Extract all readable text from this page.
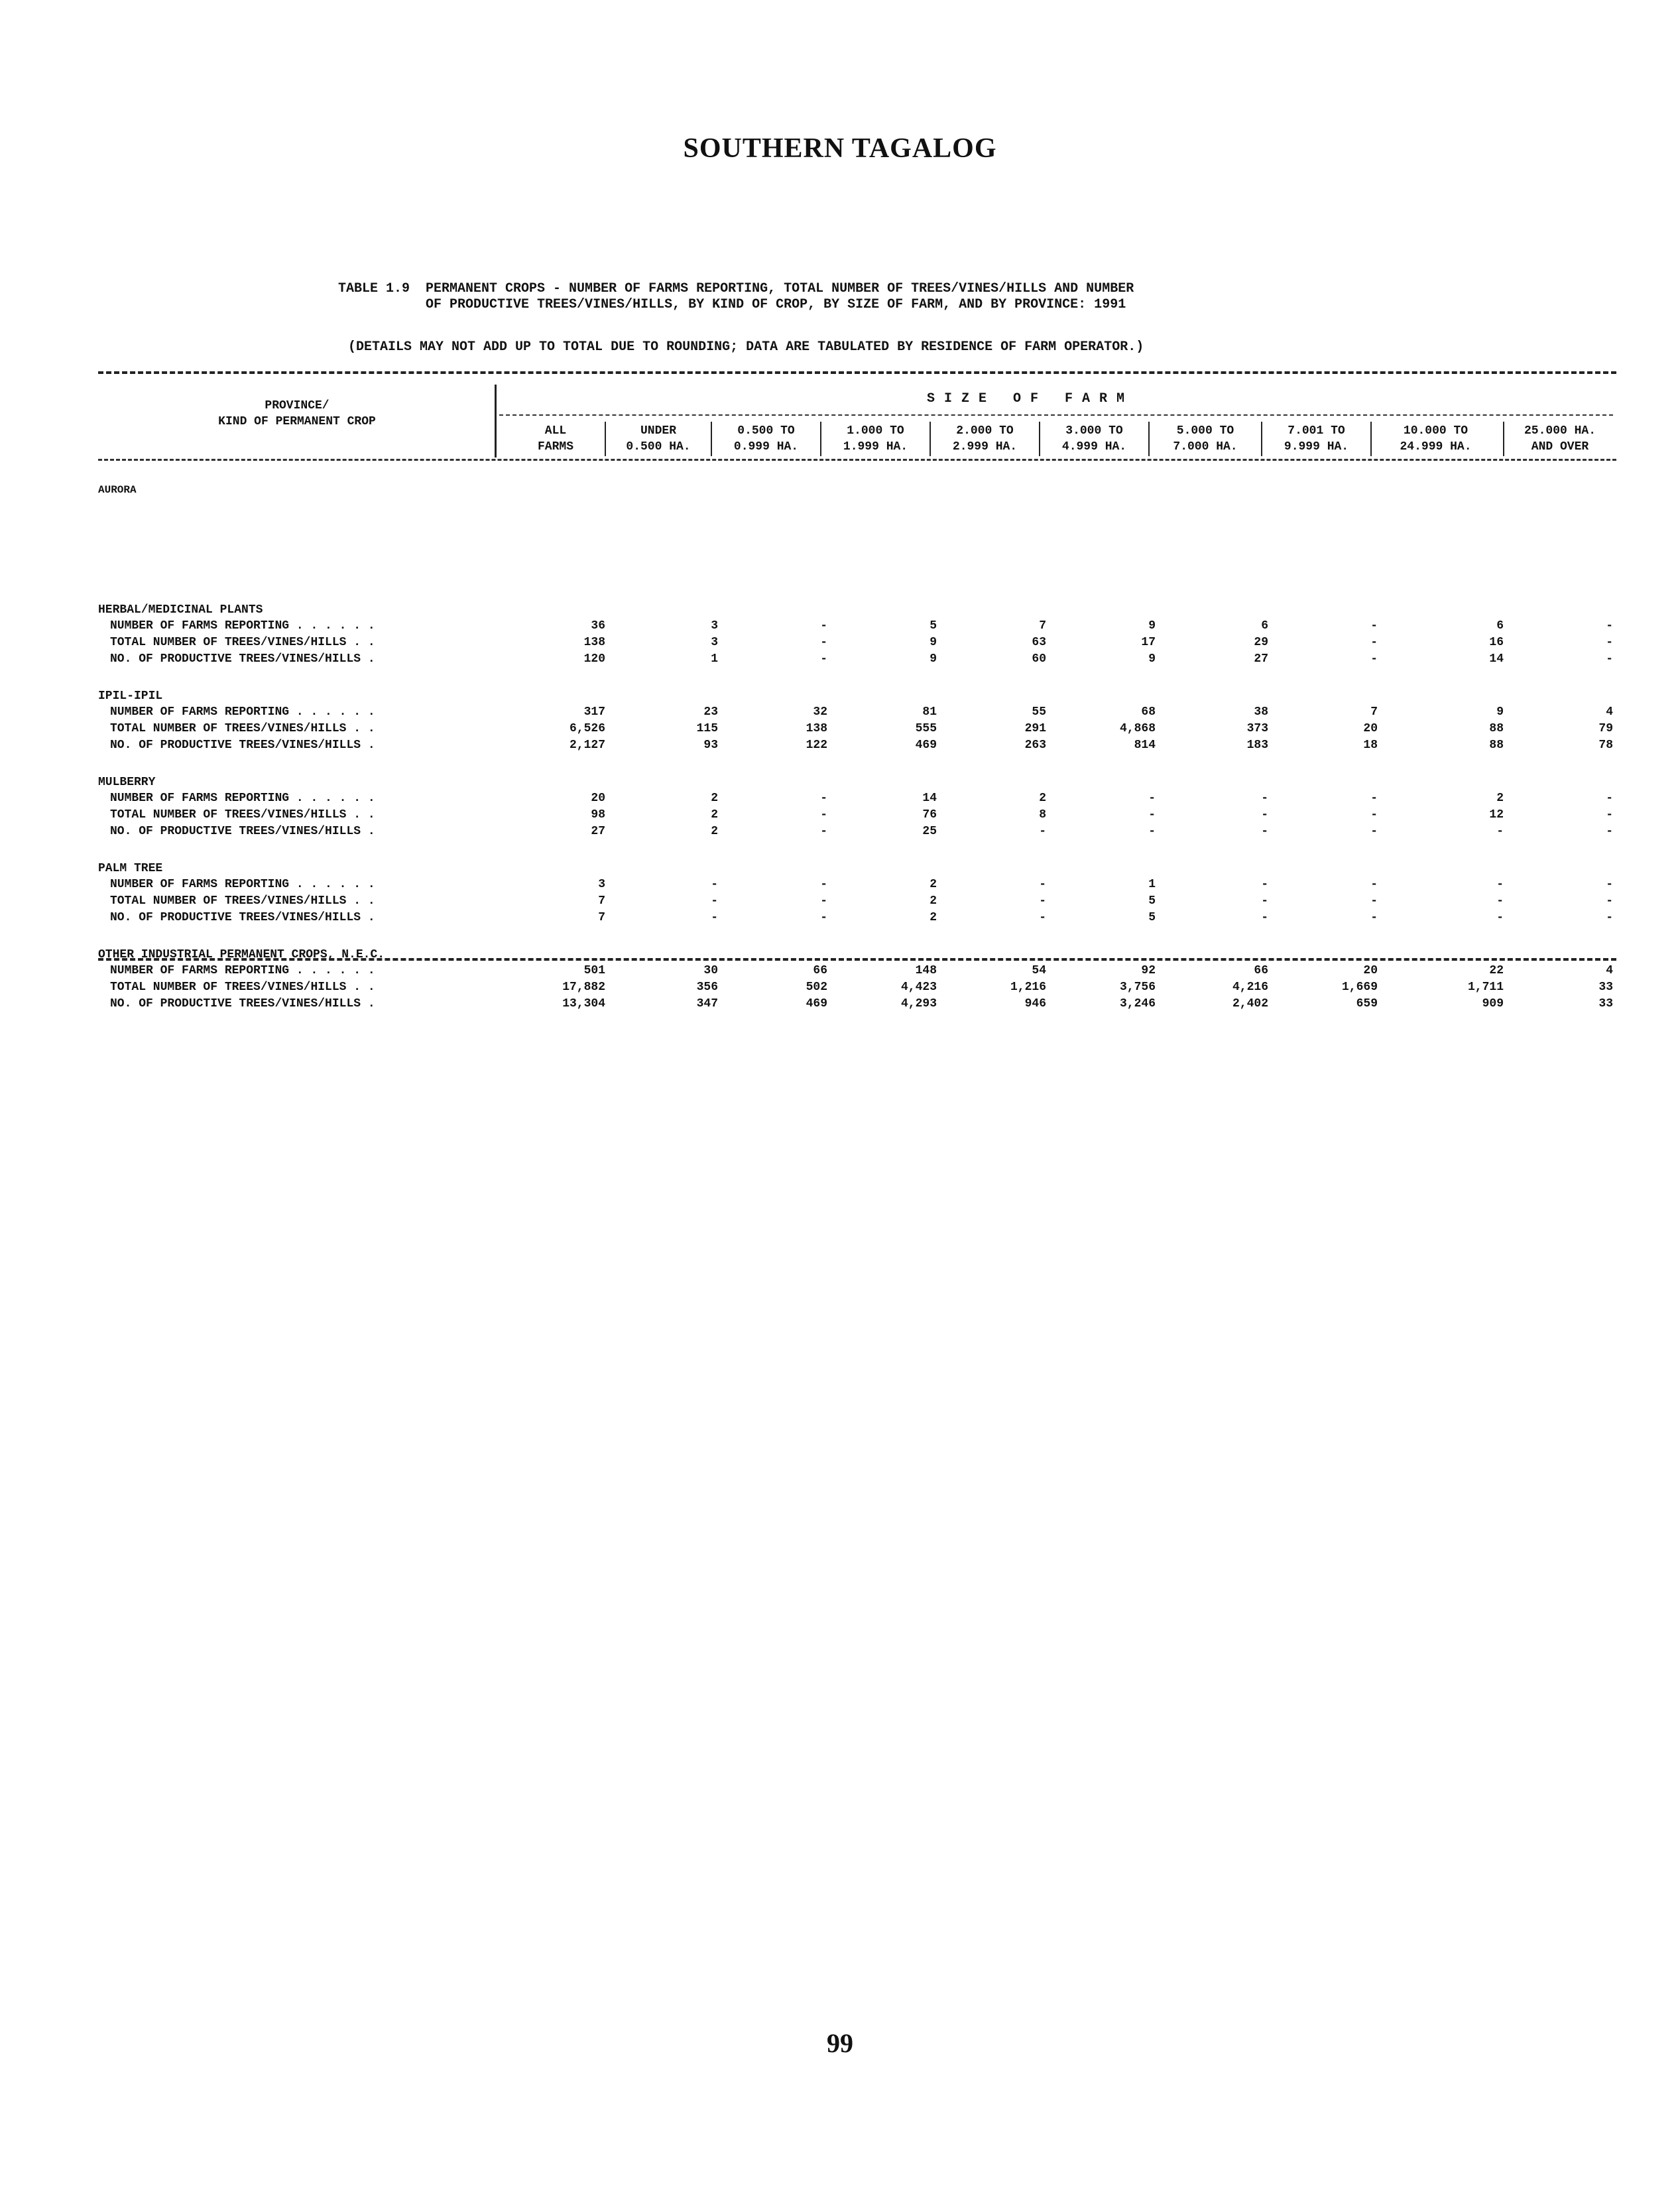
SOUTHERN TAGALOG
TABLE 1.9  PERMANENT CROPS - NUMBER OF FARMS REPORTING, TOTAL NUMBER OF TREES/VINES/HILLS AND NUMBER
OF PRODUCTIVE TREES/VINES/HILLS, BY KIND OF CROP, BY SIZE OF FARM, AND BY PROVINCE: 1991
(DETAILS MAY NOT ADD UP TO TOTAL DUE TO ROUNDING; DATA ARE TABULATED BY RESIDENCE OF FARM OPERATOR.)
PROVINCE/
KIND OF PERMANENT CROP
SIZE OF FARM
ALL
FARMS
UNDER
0.500 HA.
0.500 TO
0.999 HA.
1.000 TO
1.999 HA.
2.000 TO
2.999 HA.
3.000 TO
4.999 HA.
5.000 TO
7.000 HA.
7.001 TO
9.999 HA.
10.000 TO
24.999 HA.
25.000 HA.
AND OVER
AURORA
HERBAL/MEDICINAL PLANTS
NUMBER OF FARMS REPORTING . . . . . .	36	3	-	5	7	9	6	-	6	-
TOTAL NUMBER OF TREES/VINES/HILLS . .	138	3	-	9	63	17	29	-	16	-
NO. OF PRODUCTIVE TREES/VINES/HILLS .	120	1	-	9	60	9	27	-	14	-
IPIL-IPIL
NUMBER OF FARMS REPORTING . . . . . .	317	23	32	81	55	68	38	7	9	4
TOTAL NUMBER OF TREES/VINES/HILLS . .	6,526	115	138	555	291	4,868	373	20	88	79
NO. OF PRODUCTIVE TREES/VINES/HILLS .	2,127	93	122	469	263	814	183	18	88	78
MULBERRY
NUMBER OF FARMS REPORTING . . . . . .	20	2	-	14	2	-	-	-	2	-
TOTAL NUMBER OF TREES/VINES/HILLS . .	98	2	-	76	8	-	-	-	12	-
NO. OF PRODUCTIVE TREES/VINES/HILLS .	27	2	-	25	-	-	-	-	-	-
PALM TREE
NUMBER OF FARMS REPORTING . . . . . .	3	-	-	2	-	1	-	-	-	-
TOTAL NUMBER OF TREES/VINES/HILLS . .	7	-	-	2	-	5	-	-	-	-
NO. OF PRODUCTIVE TREES/VINES/HILLS .	7	-	-	2	-	5	-	-	-	-
OTHER INDUSTRIAL PERMANENT CROPS, N.E.C.
NUMBER OF FARMS REPORTING . . . . . .	501	30	66	148	54	92	66	20	22	4
TOTAL NUMBER OF TREES/VINES/HILLS . .	17,882	356	502	4,423	1,216	3,756	4,216	1,669	1,711	33
NO. OF PRODUCTIVE TREES/VINES/HILLS .	13,304	347	469	4,293	946	3,246	2,402	659	909	33
99
